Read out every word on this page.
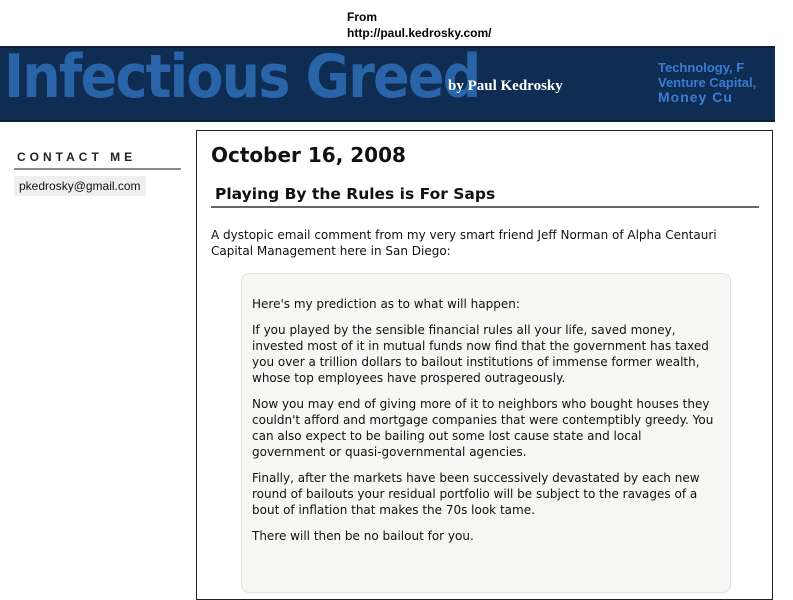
From
http://paul.kedrosky.com/
Infectious Greed
by Paul Kedrosky
Technology, F
Venture Capital,
Money Cu
CONTACT ME
pkedrosky@gmail.com
October 16, 2008
Playing By the Rules is For Saps
A dystopic email comment from my very smart friend Jeff Norman of Alpha Centauri Capital Management here in San Diego:

Here's my prediction as to what will happen:

If you played by the sensible financial rules all your life, saved money, invested most of it in mutual funds now find that the government has taxed you over a trillion dollars to bailout institutions of immense former wealth, whose top employees have prospered outrageously.

Now you may end of giving more of it to neighbors who bought houses they couldn't afford and mortgage companies that were contemptibly greedy. You can also expect to be bailing out some lost cause state and local government or quasi-governmental agencies.

Finally, after the markets have been successively devastated by each new round of bailouts your residual portfolio will be subject to the ravages of a bout of inflation that makes the 70s look tame.

There will then be no bailout for you.
